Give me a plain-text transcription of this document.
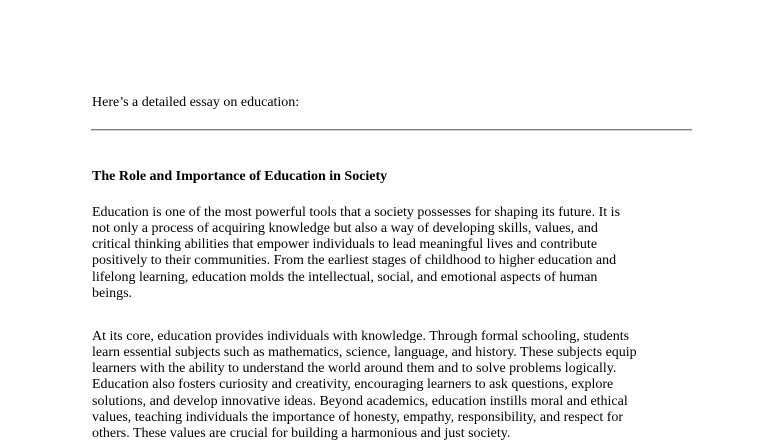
Here’s a detailed essay on education:
The Role and Importance of Education in Society

Education is one of the most powerful tools that a society possesses for shaping its future. It is
not only a process of acquiring knowledge but also a way of developing skills, values, and
critical thinking abilities that empower individuals to lead meaningful lives and contribute
positively to their communities. From the earliest stages of childhood to higher education and
lifelong learning, education molds the intellectual, social, and emotional aspects of human
beings.

At its core, education provides individuals with knowledge. Through formal schooling, students
learn essential subjects such as mathematics, science, language, and history. These subjects equip
learners with the ability to understand the world around them and to solve problems logically.
Education also fosters curiosity and creativity, encouraging learners to ask questions, explore
solutions, and develop innovative ideas. Beyond academics, education instills moral and ethical
values, teaching individuals the importance of honesty, empathy, responsibility, and respect for
others. These values are crucial for building a harmonious and just society.
